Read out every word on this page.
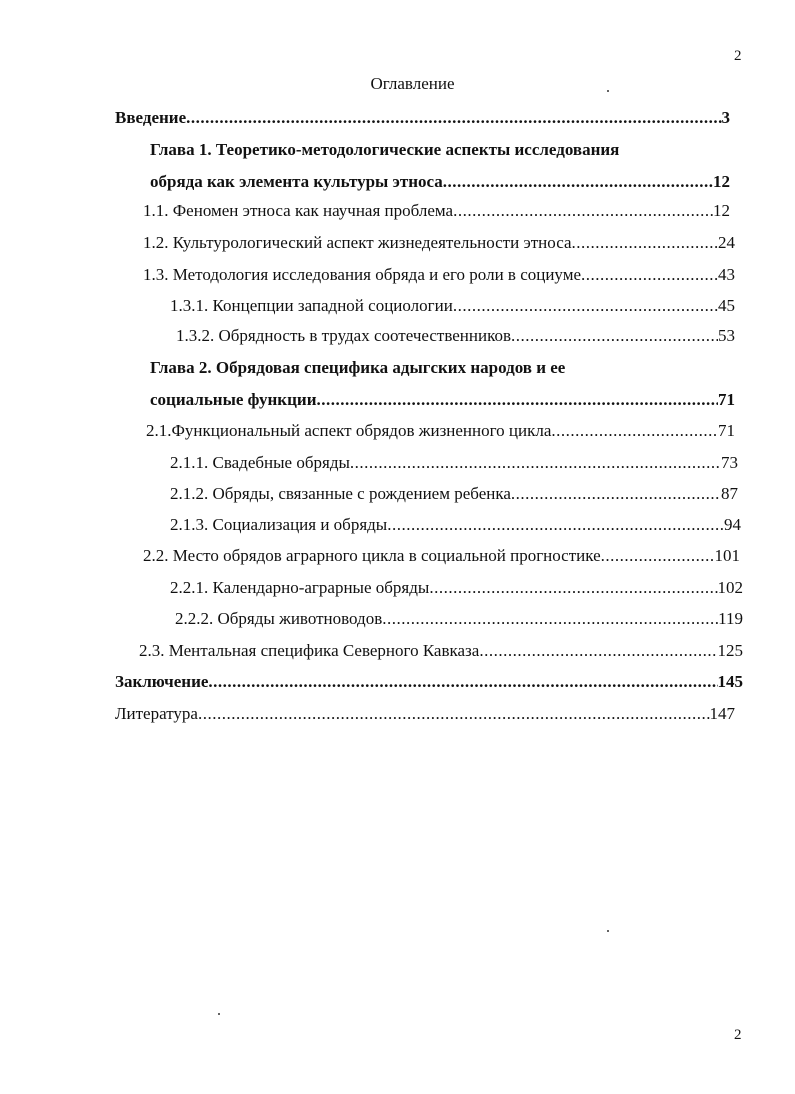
2
Оглавление
Введение .....	3
Глава 1. Теоретико-методологические аспекты исследования
обряда как элемента культуры этноса .....	12
1.1. Феномен этноса как научная проблема .....	12
1.2. Культурологический аспект жизнедеятельности этноса .....	24
1.3. Методология исследования обряда и его роли в социуме .....	43
1.3.1. Концепции западной социологии .....	45
1.3.2. Обрядность в трудах соотечественников .....	53
Глава 2. Обрядовая специфика адыгских народов и ее
социальные функции .....	71
2.1.Функциональный аспект обрядов жизненного цикла .....	71
2.1.1. Свадебные обряды .....	73
2.1.2. Обряды, связанные с рождением ребенка .....	87
2.1.3. Социализация и обряды .....	94
2.2. Место обрядов аграрного цикла в социальной прогностике .....	101
2.2.1. Календарно-аграрные обряды .....	102
2.2.2. Обряды животноводов .....	119
2.3. Ментальная специфика Северного Кавказа .....	125
Заключение .....	145
Литература .....	147
2
